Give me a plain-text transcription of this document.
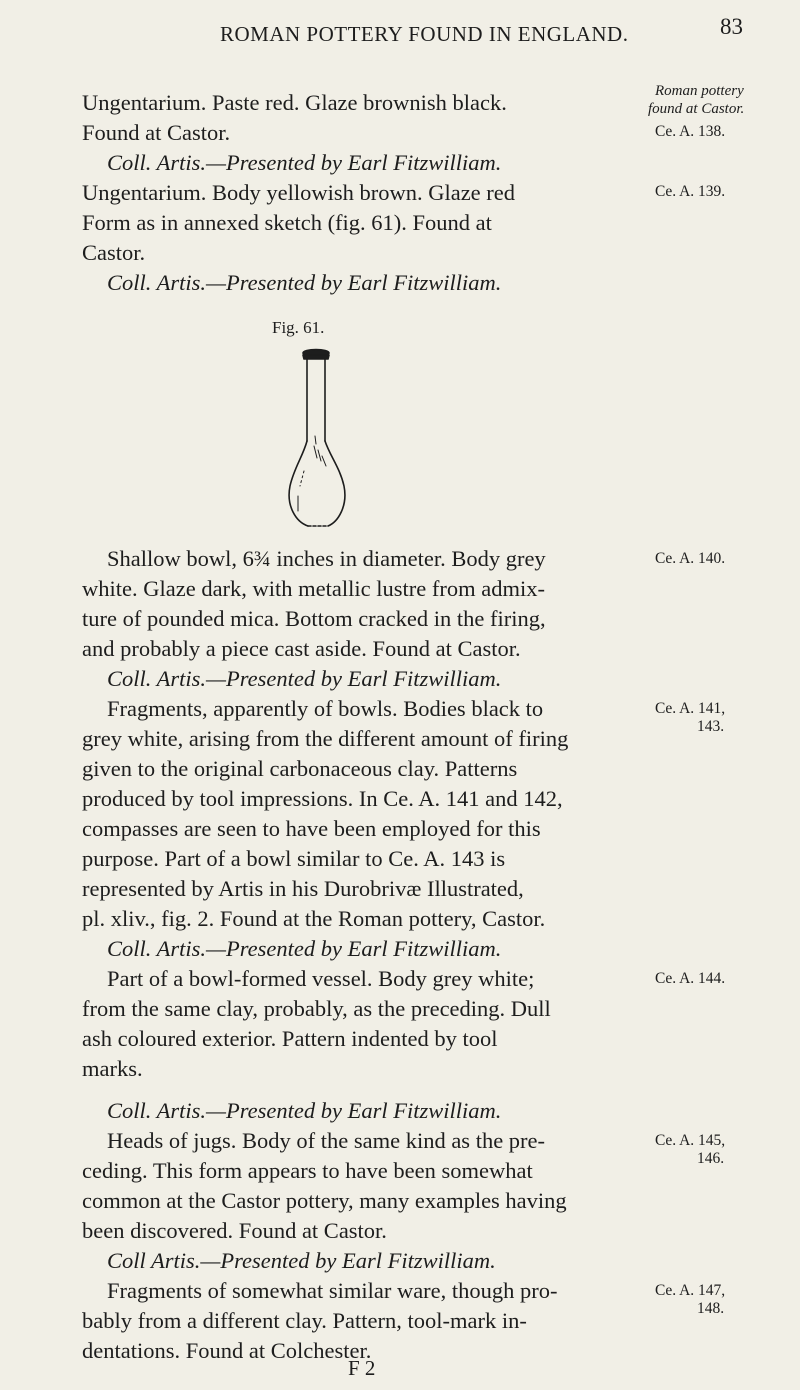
ROMAN POTTERY FOUND IN ENGLAND.	83
Ungentarium. Paste red. Glaze brownish black.
Found at Castor.
Coll. Artis.—Presented by Earl Fitzwilliam.
Ungentarium. Body yellowish brown. Glaze red
Form as in annexed sketch (fig. 61). Found at
Castor.
Coll. Artis.—Presented by Earl Fitzwilliam.
Shallow bowl, 6¾ inches in diameter. Body grey
white. Glaze dark, with metallic lustre from admix-
ture of pounded mica. Bottom cracked in the firing,
and probably a piece cast aside. Found at Castor.
Coll. Artis.—Presented by Earl Fitzwilliam.
Fragments, apparently of bowls. Bodies black to
grey white, arising from the different amount of firing
given to the original carbonaceous clay. Patterns
produced by tool impressions. In Ce. A. 141 and 142,
compasses are seen to have been employed for this
purpose. Part of a bowl similar to Ce. A. 143 is
represented by Artis in his Durobrivæ Illustrated,
pl. xliv., fig. 2. Found at the Roman pottery, Castor.
Coll. Artis.—Presented by Earl Fitzwilliam.
Part of a bowl-formed vessel. Body grey white;
from the same clay, probably, as the preceding. Dull
ash coloured exterior. Pattern indented by tool
marks.
Coll. Artis.—Presented by Earl Fitzwilliam.
Heads of jugs. Body of the same kind as the pre-
ceding. This form appears to have been somewhat
common at the Castor pottery, many examples having
been discovered. Found at Castor.
Coll Artis.—Presented by Earl Fitzwilliam.
Fragments of somewhat similar ware, though pro-
bably from a different clay. Pattern, tool-mark in-
dentations. Found at Colchester.
Roman pottery
found at Castor.
Ce. A. 138.
Ce. A. 139.
Ce. A. 140.
Ce. A. 141,
143.
Ce. A. 144.
Ce. A. 145,
146.
Ce. A. 147,
148.
Fig. 61.
F 2
